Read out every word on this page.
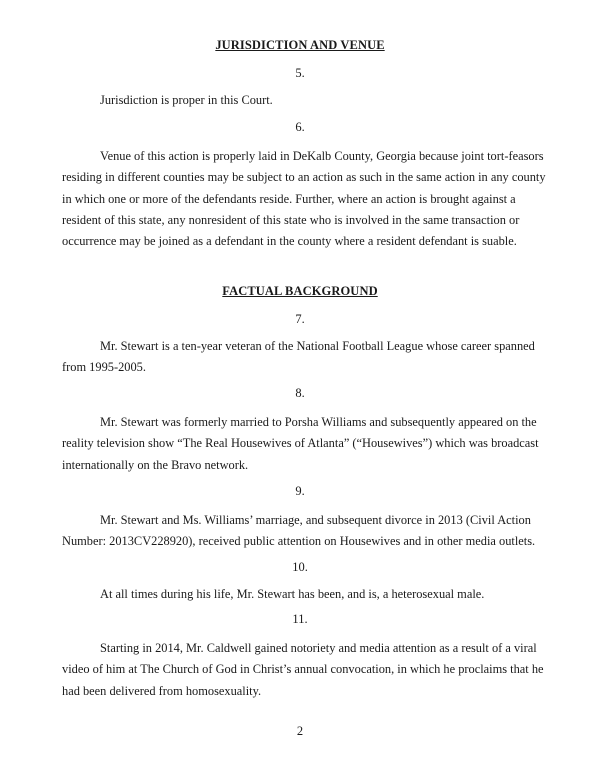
JURISDICTION AND VENUE
5.
Jurisdiction is proper in this Court.
6.
Venue of this action is properly laid in DeKalb County, Georgia because joint tort-feasors
residing in different counties may be subject to an action as such in the same action in any county
in which one or more of the defendants reside. Further, where an action is brought against a
resident of this state, any nonresident of this state who is involved in the same transaction or
occurrence may be joined as a defendant in the county where a resident defendant is suable.
FACTUAL BACKGROUND
7.
Mr. Stewart is a ten-year veteran of the National Football League whose career spanned
from 1995-2005.
8.
Mr. Stewart was formerly married to Porsha Williams and subsequently appeared on the
reality television show “The Real Housewives of Atlanta” (“Housewives”) which was broadcast
internationally on the Bravo network.
9.
Mr. Stewart and Ms. Williams’ marriage, and subsequent divorce in 2013 (Civil Action
Number: 2013CV228920), received public attention on Housewives and in other media outlets.
10.
At all times during his life, Mr. Stewart has been, and is, a heterosexual male.
11.
Starting in 2014, Mr. Caldwell gained notoriety and media attention as a result of a viral
video of him at The Church of God in Christ’s annual convocation, in which he proclaims that he
had been delivered from homosexuality.
2
